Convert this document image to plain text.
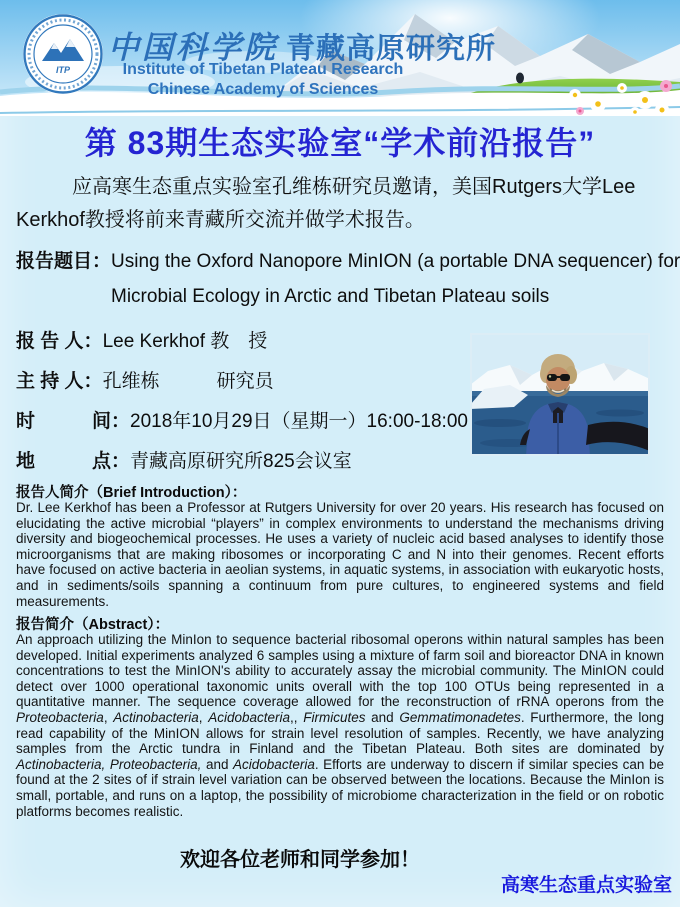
ITP
中国科学院 青藏高原研究所
Institute of Tibetan Plateau Research
Chinese Academy of Sciences
第 83期生态实验室“学术前沿报告”

应高寒生态重点实验室孔维栋研究员邀请，美国Rutgers大学Lee Kerkhof教授将前来青藏所交流并做学术报告。

报告题目：Using the Oxford Nanopore MinION (a portable DNA sequencer) for
Microbial Ecology in Arctic and Tibetan Plateau soils
报 告 人：Lee Kerkhof 教　授
主 持 人：孔维栋　　　研究员
时　　　间：2018年10月29日（星期一）16:00-18:00
地　　　点：青藏高原研究所825会议室
报告人简介（Brief Introduction）：
Dr. Lee Kerkhof has been a Professor at Rutgers University for over 20 years. His research has focused on elucidating the active microbial “players” in complex environments to understand the mechanisms driving diversity and biogeochemical processes. He uses a variety of nucleic acid based analyses to identify those microorganisms that are making ribosomes or incorporating C and N into their genomes. Recent efforts have focused on active bacteria in aeolian systems, in aquatic systems, in association with eukaryotic hosts, and in sediments/soils spanning a continuum from pure cultures, to engineered systems and field measurements.
报告简介（Abstract）：
An approach utilizing the MinIon to sequence bacterial ribosomal operons within natural samples has been developed. Initial experiments analyzed 6 samples using a mixture of farm soil and bioreactor DNA in known concentrations to test the MinION's ability to accurately assay the microbial community. The MinION could detect over 1000 operational taxonomic units overall with the top 100 OTUs being represented in a quantitative manner. The sequence coverage allowed for the reconstruction of rRNA operons from the Proteobacteria, Actinobacteria, Acidobacteria,, Firmicutes and Gemmatimonadetes. Furthermore, the long read capability of the MinION allows for strain level resolution of samples. Recently, we have analyzing samples from the Arctic tundra in Finland and the Tibetan Plateau. Both sites are dominated by Actinobacteria, Proteobacteria, and Acidobacteria. Efforts are underway to discern if similar species can be found at the 2 sites of if strain level variation can be observed between the locations. Because the MinIon is small, portable, and runs on a laptop, the possibility of microbiome characterization in the field or on robotic platforms becomes realistic.
欢迎各位老师和同学参加！
高寒生态重点实验室
